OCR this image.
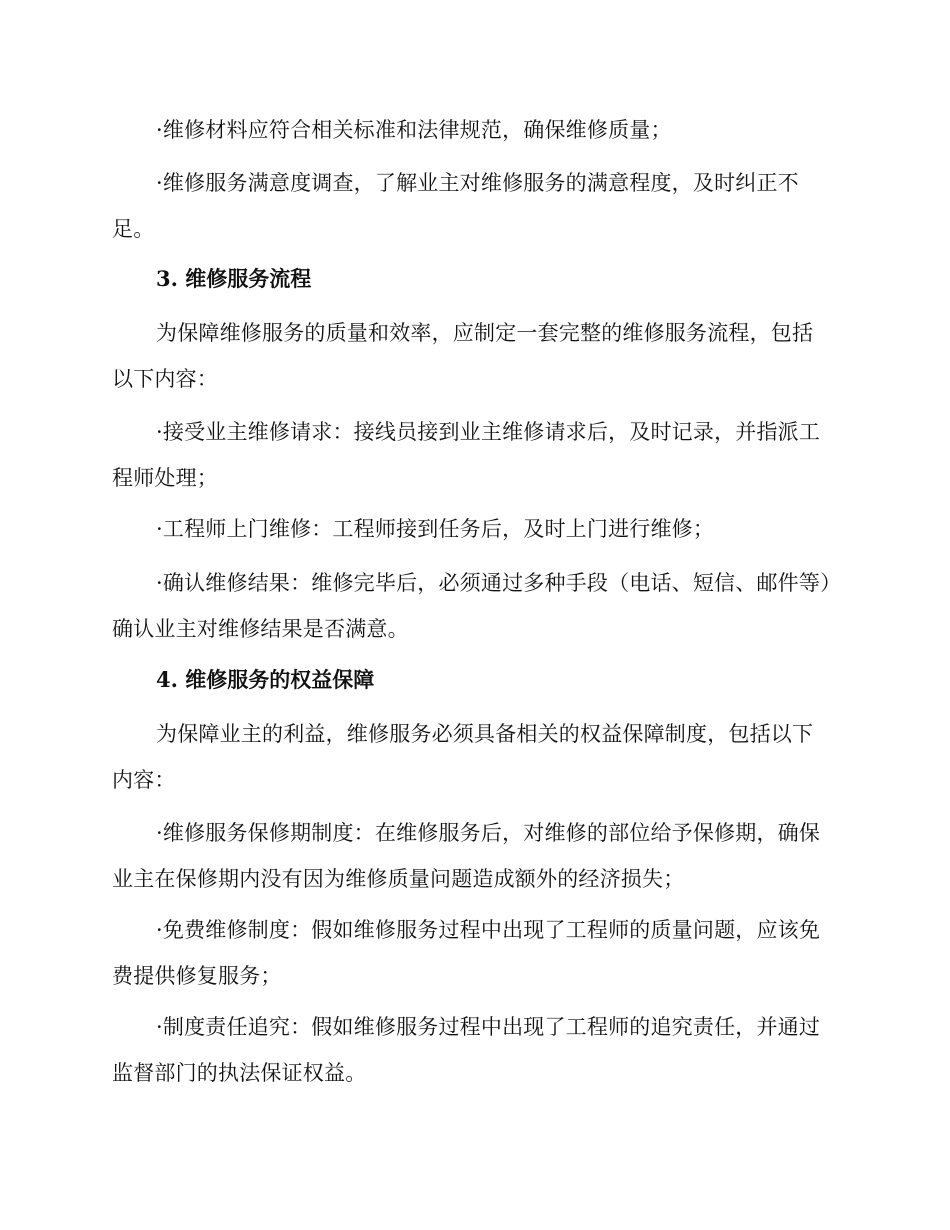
·维修材料应符合相关标准和法律规范，确保维修质量；

·维修服务满意度调查，了解业主对维修服务的满意程度，及时纠正不足。

3. 维修服务流程

为保障维修服务的质量和效率，应制定一套完整的维修服务流程，包括以下内容：

·接受业主维修请求：接线员接到业主维修请求后，及时记录，并指派工程师处理；

·工程师上门维修：工程师接到任务后，及时上门进行维修；

·确认维修结果：维修完毕后，必须通过多种手段（电话、短信、邮件等）确认业主对维修结果是否满意。

4. 维修服务的权益保障

为保障业主的利益，维修服务必须具备相关的权益保障制度，包括以下内容：

·维修服务保修期制度：在维修服务后，对维修的部位给予保修期，确保业主在保修期内没有因为维修质量问题造成额外的经济损失；

·免费维修制度：假如维修服务过程中出现了工程师的质量问题，应该免费提供修复服务；

·制度责任追究：假如维修服务过程中出现了工程师的追究责任，并通过监督部门的执法保证权益。
